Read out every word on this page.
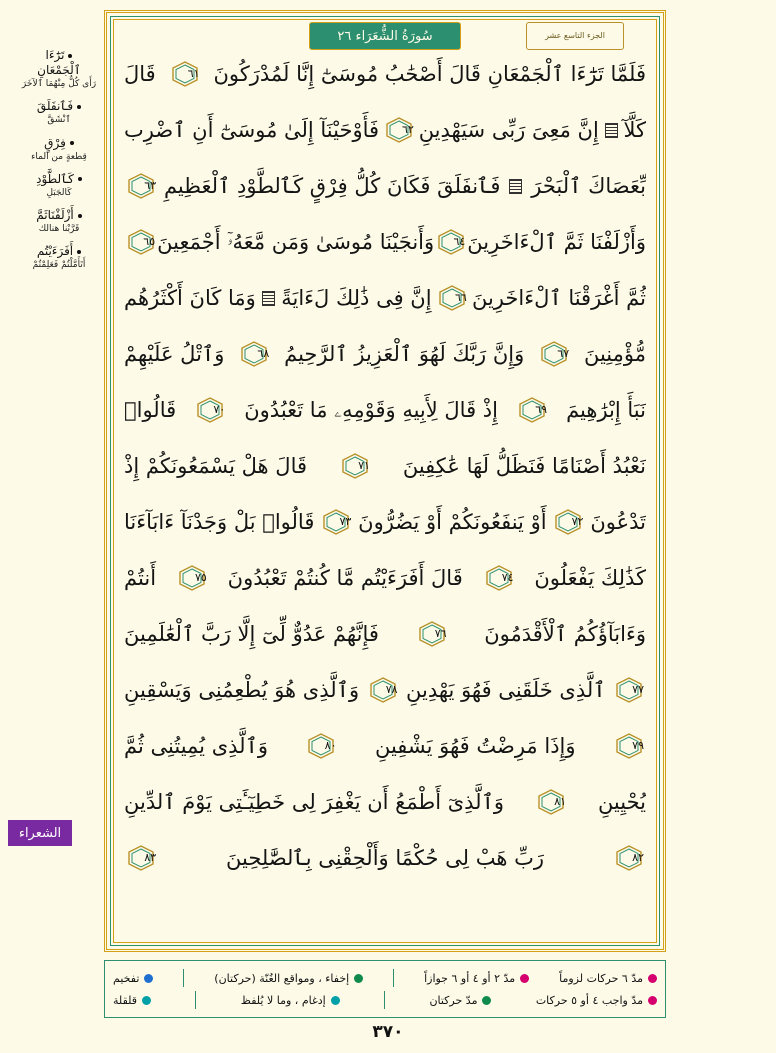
سُورَةُ الشُّعَرَاء ٢٦	الجزء التاسع عشر
تَرَٰٓءَا
ٱلْجَمْعَانِ
رَأَى كُلٌّ مِنْهُمَا ٱلآخَرَ
فَٱنفَلَقَ
ٱنْشَقَّ
فِرْقٍ
قِطعةٍ من الماء
كَٱلطَّوْدِ
كَالجَبَلِ
أَزْلَفْنَاثَمَّ
قَرَّبْنا هنالك
أَفَرَءَيْتُم
أَتَأَمَّلْتُمْ فَعَلِمْتُمْ
الشعراء
فَلَمَّا تَرَٰٓءَا ٱلْجَمْعَانِ قَالَ أَصْحَٰبُ مُوسَىٰٓ إِنَّا لَمُدْرَكُونَ
٦١
قَالَ
كَلَّآ
إِنَّ مَعِىَ رَبِّى سَيَهْدِينِ
٦٢
فَأَوْحَيْنَآ إِلَىٰ مُوسَىٰٓ أَنِ ٱضْرِب
بِّعَصَاكَ ٱلْبَحْرَ
فَٱنفَلَقَ فَكَانَ كُلُّ فِرْقٍ كَٱلطَّوْدِ ٱلْعَظِيمِ
٦٣
وَأَزْلَفْنَا ثَمَّ ٱلْءَاخَرِينَ
٦٤
وَأَنجَيْنَا مُوسَىٰ وَمَن مَّعَهُۥٓ أَجْمَعِينَ
٦٥
ثُمَّ أَغْرَقْنَا ٱلْءَاخَرِينَ
٦٦
إِنَّ فِى ذَٰلِكَ لَءَايَةً
وَمَا كَانَ أَكْثَرُهُم
مُّؤْمِنِينَ
٦٧
وَإِنَّ رَبَّكَ لَهُوَ ٱلْعَزِيزُ ٱلرَّحِيمُ
٦٨
وَٱتْلُ عَلَيْهِمْ
نَبَأَ إِبْرَٰهِيمَ
٦٩
إِذْ قَالَ لِأَبِيهِ وَقَوْمِهِۦ مَا تَعْبُدُونَ
٧٠
قَالُوا۟
نَعْبُدُ أَصْنَامًا فَنَظَلُّ لَهَا عَٰكِفِينَ
٧١
قَالَ هَلْ يَسْمَعُونَكُمْ إِذْ
تَدْعُونَ
٧٢
أَوْ يَنفَعُونَكُمْ أَوْ يَضُرُّونَ
٧٣
قَالُوا۟ بَلْ وَجَدْنَآ ءَابَآءَنَا
كَذَٰلِكَ يَفْعَلُونَ
٧٤
قَالَ أَفَرَءَيْتُم مَّا كُنتُمْ تَعْبُدُونَ
٧٥
أَنتُمْ
وَءَابَآؤُكُمُ ٱلْأَقْدَمُونَ
٧٦
فَإِنَّهُمْ عَدُوٌّ لِّىٓ إِلَّا رَبَّ ٱلْعَٰلَمِينَ
٧٧
ٱلَّذِى خَلَقَنِى فَهُوَ يَهْدِينِ
٧٨
وَٱلَّذِى هُوَ يُطْعِمُنِى وَيَسْقِينِ
٧٩
وَإِذَا مَرِضْتُ فَهُوَ يَشْفِينِ
٨٠
وَٱلَّذِى يُمِيتُنِى ثُمَّ
يُحْيِينِ
٨١
وَٱلَّذِىٓ أَطْمَعُ أَن يَغْفِرَ لِى خَطِيٓـَٔتِى يَوْمَ ٱلدِّينِ
٨٢
رَبِّ هَبْ لِى حُكْمًا وَأَلْحِقْنِى بِٱلصَّٰلِحِينَ
٨٣
مدّ ٦ حركات لزوماً
مدّ ٢ أو ٤ أو ٦ جوازاً
إخفاء ، ومواقع الغُنّة (حركتان)
تفخيم
مدّ واجب ٤ أو ٥ حركات
مدّ حركتان
إدغام ، وما لا يُلفظ
قلقلة
٣٧٠
